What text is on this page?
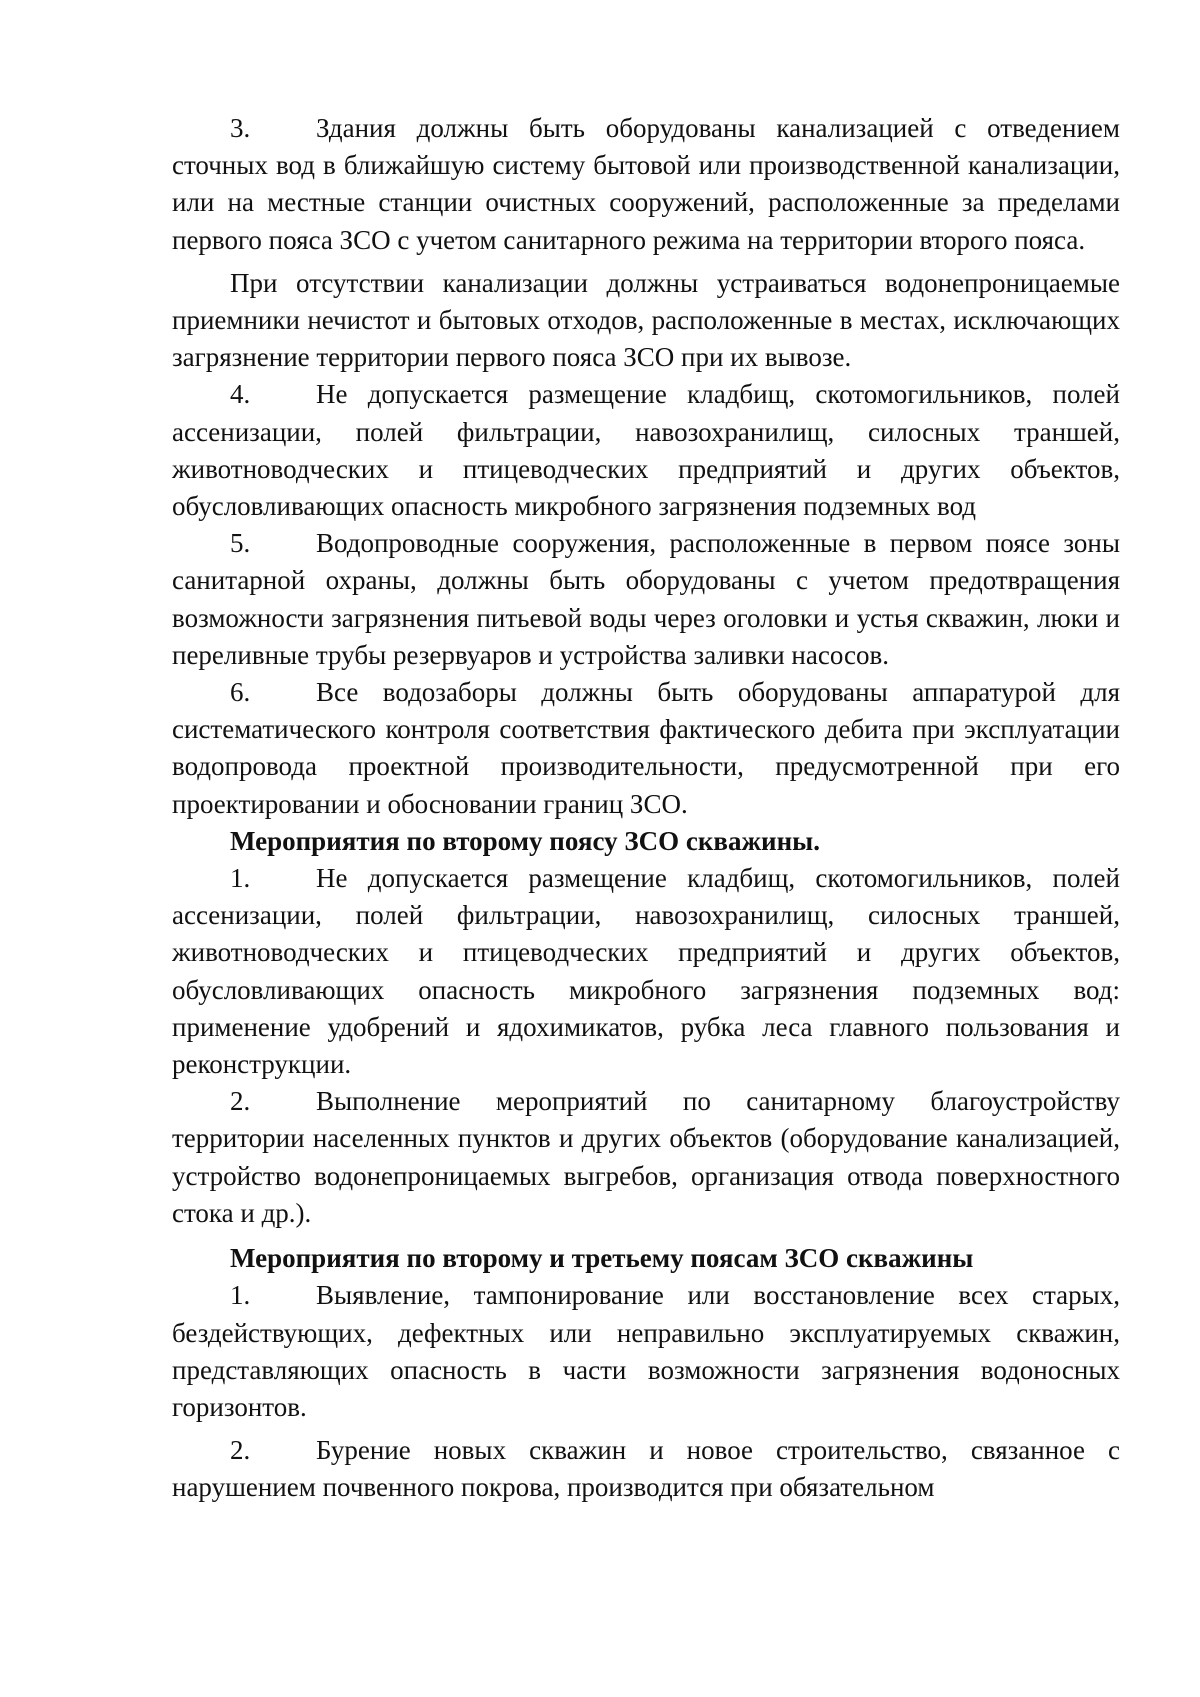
3. Здания должны быть оборудованы канализацией с отведением сточных вод в ближайшую систему бытовой или производственной канализации, или на местные станции очистных сооружений, расположенные за пределами первого пояса ЗСО с учетом санитарного режима на территории второго пояса.

При отсутствии канализации должны устраиваться водонепроницаемые приемники нечистот и бытовых отходов, расположенные в местах, исключающих загрязнение территории первого пояса ЗСО при их вывозе.

4. Не допускается размещение кладбищ, скотомогильников, полей ассенизации, полей фильтрации, навозохранилищ, силосных траншей, животноводческих и птицеводческих предприятий и других объектов, обусловливающих опасность микробного загрязнения подземных вод

5. Водопроводные сооружения, расположенные в первом поясе зоны санитарной охраны, должны быть оборудованы с учетом предотвращения возможности загрязнения питьевой воды через оголовки и устья скважин, люки и переливные трубы резервуаров и устройства заливки насосов.

6. Все водозаборы должны быть оборудованы аппаратурой для систематического контроля соответствия фактического дебита при эксплуатации водопровода проектной производительности, предусмотренной при его проектировании и обосновании границ ЗСО.

Мероприятия по второму поясу ЗСО скважины.

1. Не допускается размещение кладбищ, скотомогильников, полей ассенизации, полей фильтрации, навозохранилищ, силосных траншей, животноводческих и птицеводческих предприятий и других объектов, обусловливающих опасность микробного загрязнения подземных вод: применение удобрений и ядохимикатов, рубка леса главного пользования и реконструкции.

2. Выполнение мероприятий по санитарному благоустройству территории населенных пунктов и других объектов (оборудование канализацией, устройство водонепроницаемых выгребов, организация отвода поверхностного стока и др.).

Мероприятия по второму и третьему поясам ЗСО скважины

1. Выявление, тампонирование или восстановление всех старых, бездействующих, дефектных или неправильно эксплуатируемых скважин, представляющих опасность в части возможности загрязнения водоносных горизонтов.

2. Бурение новых скважин и новое строительство, связанное с нарушением почвенного покрова, производится при обязательном
